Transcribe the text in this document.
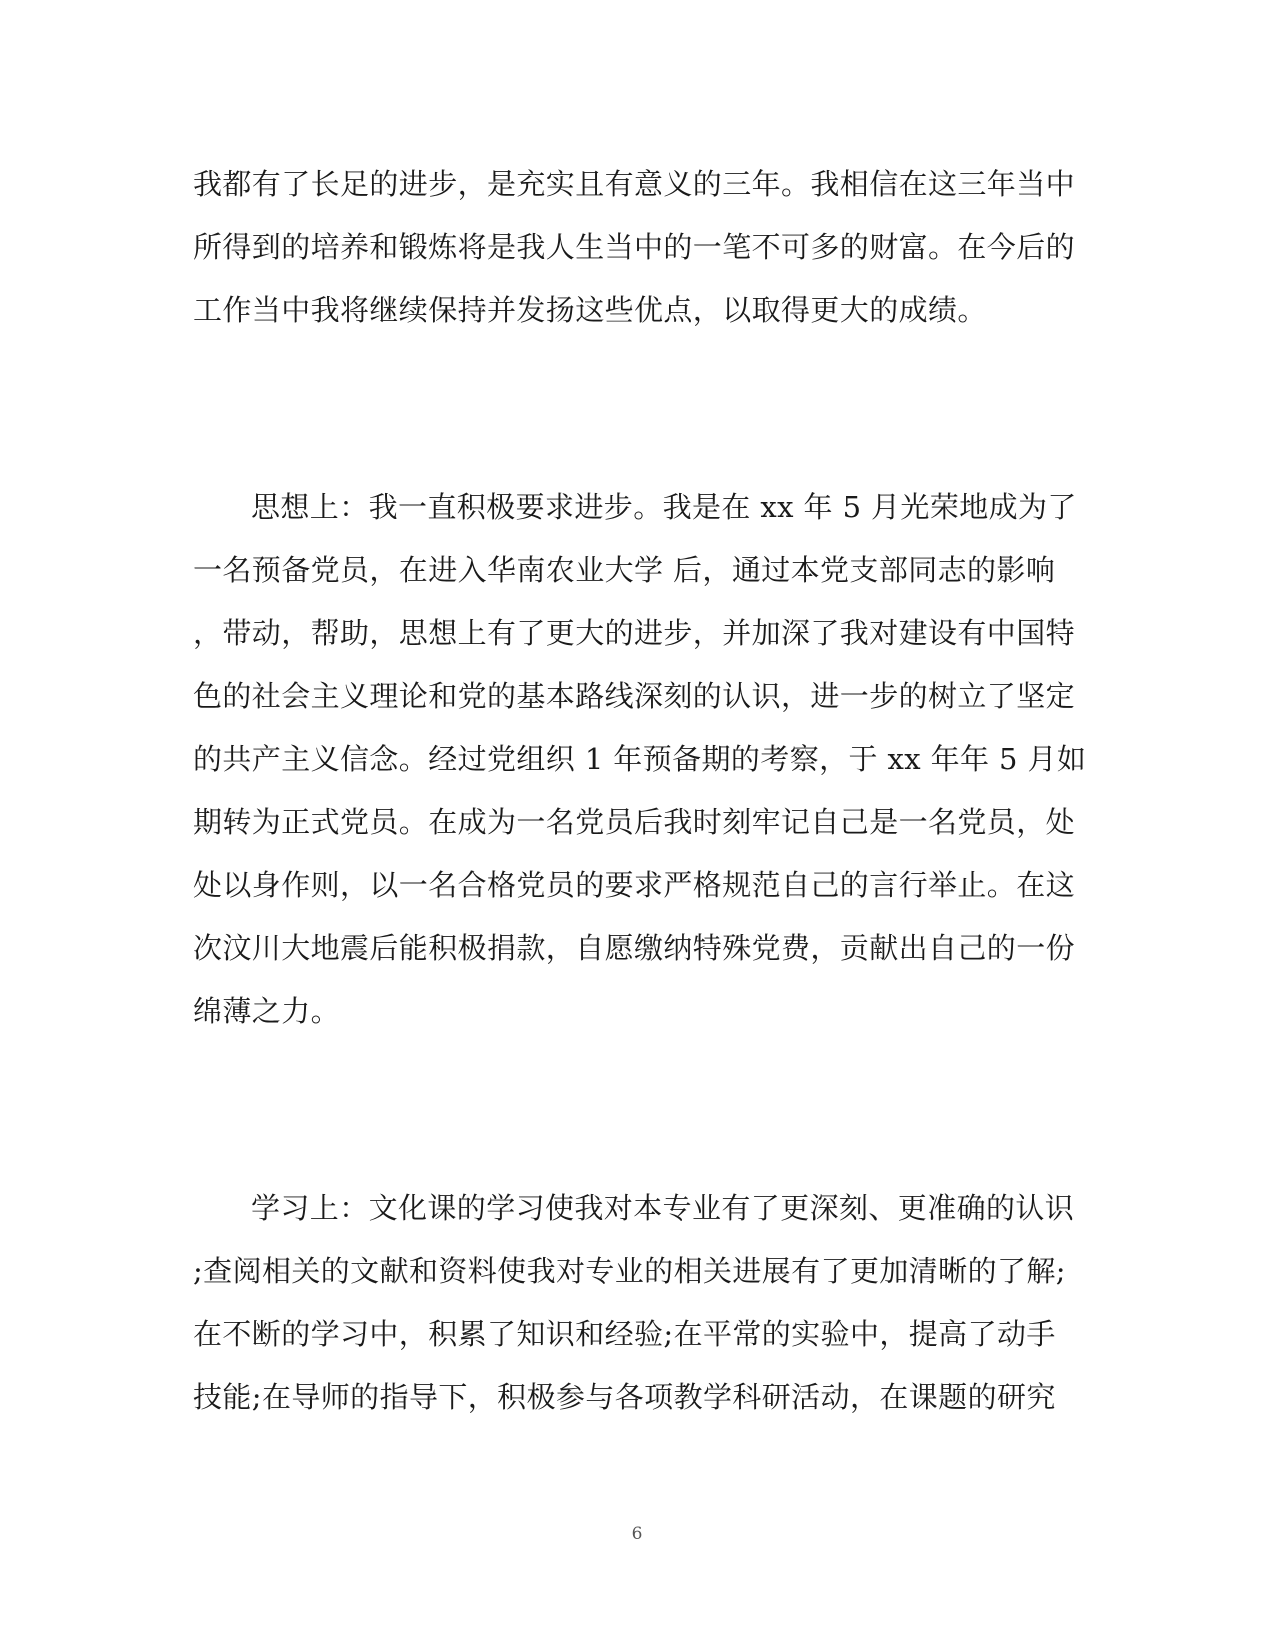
我都有了长足的进步，是充实且有意义的三年。我相信在这三年当中
所得到的培养和锻炼将是我人生当中的一笔不可多的财富。在今后的
工作当中我将继续保持并发扬这些优点，以取得更大的成绩。
思想上：我一直积极要求进步。我是在 xx 年 5 月光荣地成为了
一名预备党员，在进入华南农业大学 后，通过本党支部同志的影响
，带动，帮助，思想上有了更大的进步，并加深了我对建设有中国特
色的社会主义理论和党的基本路线深刻的认识，进一步的树立了坚定
的共产主义信念。经过党组织 1 年预备期的考察，于 xx 年年 5 月如
期转为正式党员。在成为一名党员后我时刻牢记自己是一名党员，处
处以身作则，以一名合格党员的要求严格规范自己的言行举止。在这
次汶川大地震后能积极捐款，自愿缴纳特殊党费，贡献出自己的一份
绵薄之力。
学习上：文化课的学习使我对本专业有了更深刻、更准确的认识
;查阅相关的文献和资料使我对专业的相关进展有了更加清晰的了解;
在不断的学习中，积累了知识和经验;在平常的实验中，提高了动手
技能;在导师的指导下，积极参与各项教学科研活动，在课题的研究
6
